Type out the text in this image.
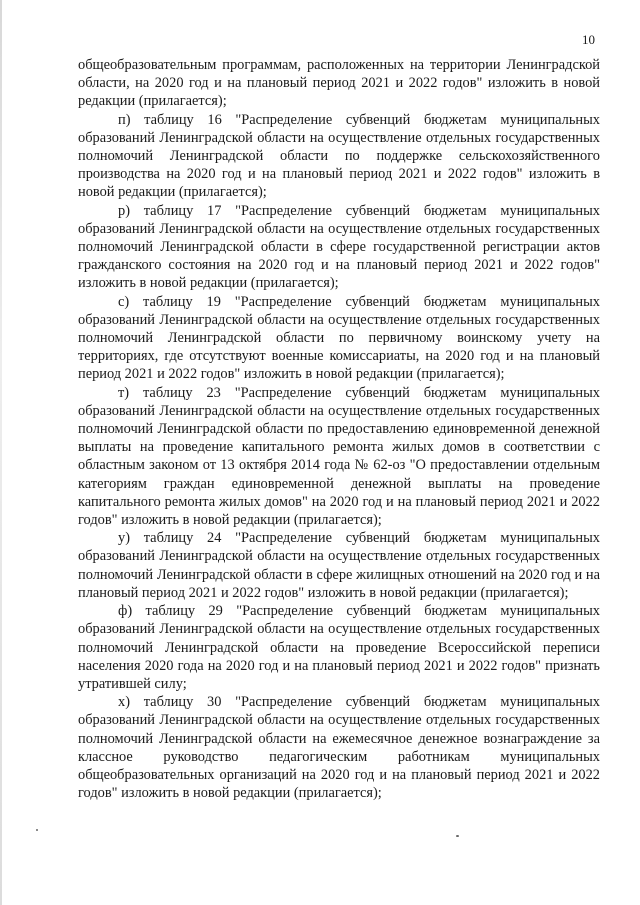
10

общеобразовательным программам, расположенных на территории Ленинградской области, на 2020 год и на плановый период 2021 и 2022 годов" изложить в новой редакции (прилагается);

п) таблицу 16 "Распределение субвенций бюджетам муниципальных образований Ленинградской области на осуществление отдельных государственных полномочий Ленинградской области по поддержке сельскохозяйственного производства на 2020 год и на плановый период 2021 и 2022 годов" изложить в новой редакции (прилагается);

р) таблицу 17 "Распределение субвенций бюджетам муниципальных образований Ленинградской области на осуществление отдельных государственных полномочий Ленинградской области в сфере государственной регистрации актов гражданского состояния на 2020 год и на плановый период 2021 и 2022 годов" изложить в новой редакции (прилагается);

с) таблицу 19 "Распределение субвенций бюджетам муниципальных образований Ленинградской области на осуществление отдельных государственных полномочий Ленинградской области по первичному воинскому учету на территориях, где отсутствуют военные комиссариаты, на 2020 год и на плановый период 2021 и 2022 годов" изложить в новой редакции (прилагается);

т) таблицу 23 "Распределение субвенций бюджетам муниципальных образований Ленинградской области на осуществление отдельных государственных полномочий Ленинградской области по предоставлению единовременной денежной выплаты на проведение капитального ремонта жилых домов в соответствии с областным законом от 13 октября 2014 года № 62-оз "О предоставлении отдельным категориям граждан единовременной денежной выплаты на проведение капитального ремонта жилых домов" на 2020 год и на плановый период 2021 и 2022 годов" изложить в новой редакции (прилагается);

у) таблицу 24 "Распределение субвенций бюджетам муниципальных образований Ленинградской области на осуществление отдельных государственных полномочий Ленинградской области в сфере жилищных отношений на 2020 год и на плановый период 2021 и 2022 годов" изложить в новой редакции (прилагается);

ф) таблицу 29 "Распределение субвенций бюджетам муниципальных образований Ленинградской области на осуществление отдельных государственных полномочий Ленинградской области на проведение Всероссийской переписи населения 2020 года на 2020 год и на плановый период 2021 и 2022 годов" признать утратившей силу;

х) таблицу 30 "Распределение субвенций бюджетам муниципальных образований Ленинградской области на осуществление отдельных государственных полномочий Ленинградской области на ежемесячное денежное вознаграждение за классное руководство педагогическим работникам муниципальных общеобразовательных организаций на 2020 год и на плановый период 2021 и 2022 годов" изложить в новой редакции (прилагается);
